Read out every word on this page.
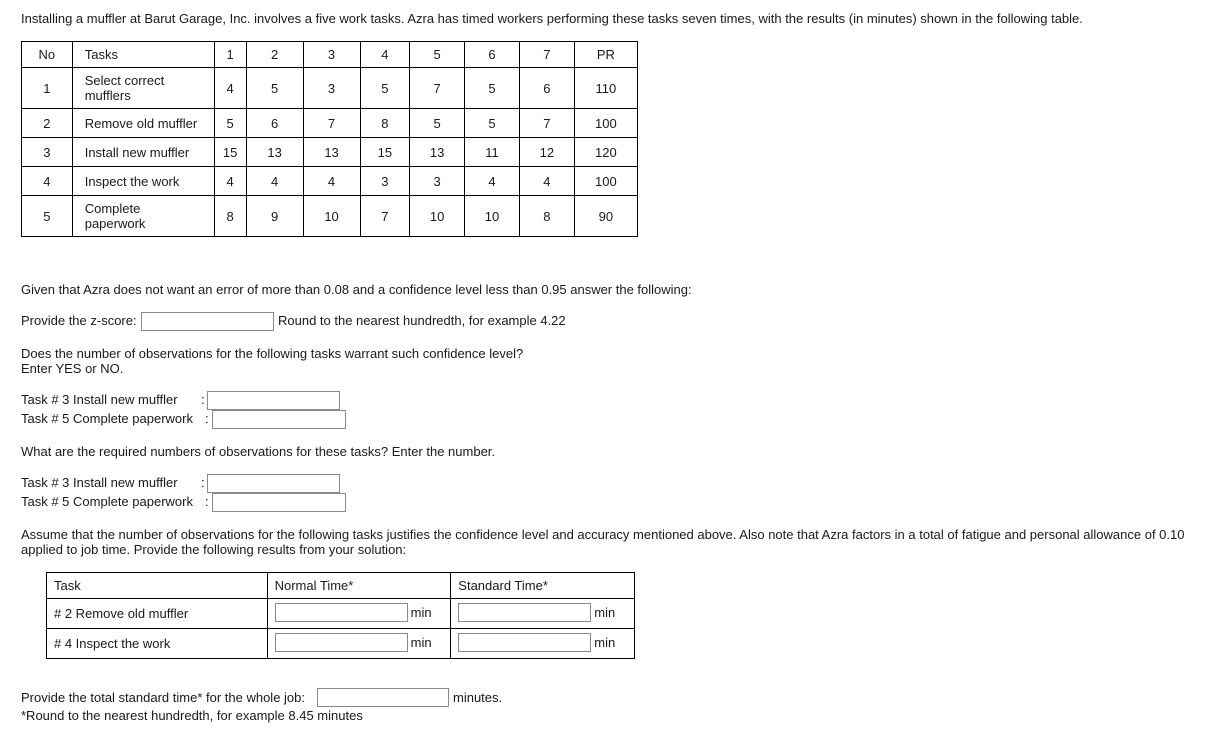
Installing a muffler at Barut Garage, Inc. involves a five work tasks. Azra has timed workers performing these tasks seven times, with the results (in minutes) shown in the following table.
No	Tasks	1	2	3	4	5	6	7	PR
1	Select correct mufflers	4	5	3	5	7	5	6	110
2	Remove old muffler	5	6	7	8	5	5	7	100
3	Install new muffler	15	13	13	15	13	11	12	120
4	Inspect the work	4	4	4	3	3	4	4	100
5	Complete paperwork	8	9	10	7	10	10	8	90
Given that Azra does not want an error of more than 0.08 and a confidence level less than 0.95 answer the following:
Provide the z-score:	Round to the nearest hundredth, for example 4.22
Does the number of observations for the following tasks warrant such confidence level?
Enter YES or NO.
Task # 3 Install new muffler :
Task # 5 Complete paperwork :
What are the required numbers of observations for these tasks? Enter the number.
Task # 3 Install new muffler :
Task # 5 Complete paperwork :
Assume that the number of observations for the following tasks justifies the confidence level and accuracy mentioned above. Also note that Azra factors in a total of fatigue and personal allowance of 0.10 applied to job time. Provide the following results from your solution:
Task	Normal Time*	Standard Time*
# 2 Remove old muffler	min	min

# 4 Inspect the work	min	min
Provide the total standard time* for the whole job:	minutes.
*Round to the nearest hundredth, for example 8.45 minutes
